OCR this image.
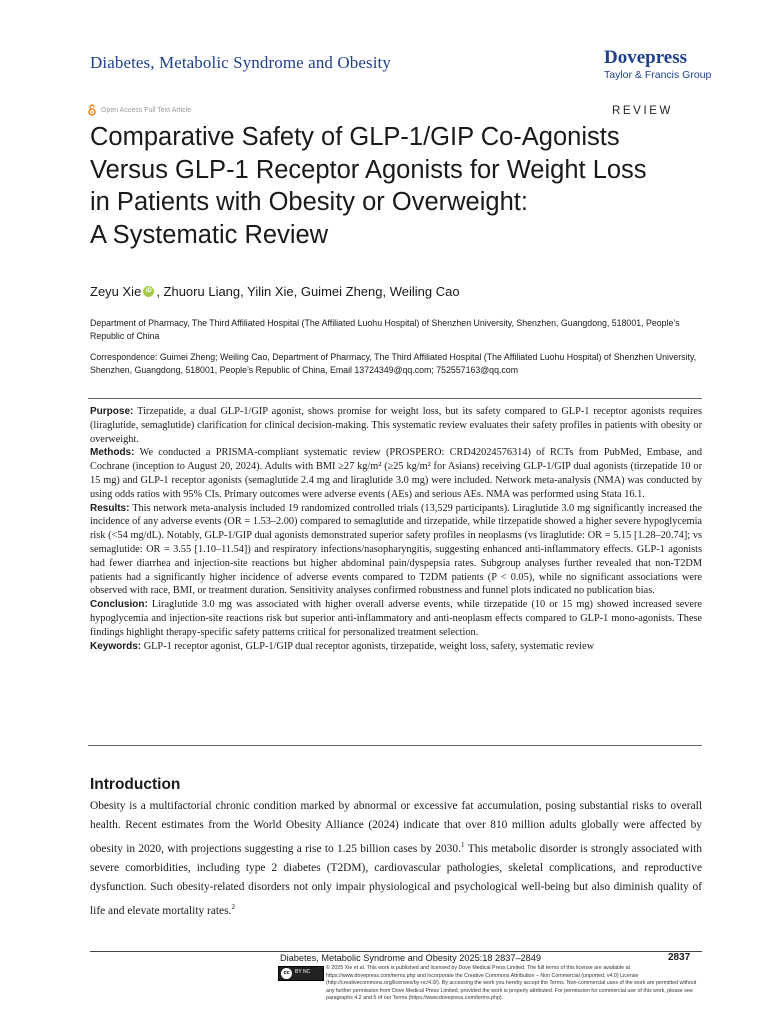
Diabetes, Metabolic Syndrome and Obesity	Dovepress
Taylor & Francis Group
Open Access Full Text Article	REVIEW
Comparative Safety of GLP-1/GIP Co-Agonists
Versus GLP-1 Receptor Agonists for Weight Loss
in Patients with Obesity or Overweight:
A Systematic Review
Zeyu Xie iD , Zhuoru Liang, Yilin Xie, Guimei Zheng, Weiling Cao
Department of Pharmacy, The Third Affiliated Hospital (The Affiliated Luohu Hospital) of Shenzhen University, Shenzhen, Guangdong, 518001, People’s Republic of China
Correspondence: Guimei Zheng; Weiling Cao, Department of Pharmacy, The Third Affiliated Hospital (The Affiliated Luohu Hospital) of Shenzhen University, Shenzhen, Guangdong, 518001, People’s Republic of China, Email 13724349@qq.com; 752557163@qq.com

Purpose: Tirzepatide, a dual GLP-1/GIP agonist, shows promise for weight loss, but its safety compared to GLP-1 receptor agonists requires (liraglutide, semaglutide) clarification for clinical decision-making. This systematic review evaluates their safety profiles in patients with obesity or overweight.

Methods: We conducted a PRISMA-compliant systematic review (PROSPERO: CRD42024576314) of RCTs from PubMed, Embase, and Cochrane (inception to August 20, 2024). Adults with BMI ≥27 kg/m² (≥25 kg/m² for Asians) receiving GLP-1/GIP dual agonists (tirzepatide 10 or 15 mg) and GLP-1 receptor agonists (semaglutide 2.4 mg and liraglutide 3.0 mg) were included. Network meta-analysis (NMA) was conducted by using odds ratios with 95% CIs. Primary outcomes were adverse events (AEs) and serious AEs. NMA was performed using Stata 16.1.

Results: This network meta-analysis included 19 randomized controlled trials (13,529 participants). Liraglutide 3.0 mg significantly increased the incidence of any adverse events (OR = 1.53–2.00) compared to semaglutide and tirzepatide, while tirzepatide showed a higher severe hypoglycemia risk (<54 mg/dL). Notably, GLP-1/GIP dual agonists demonstrated superior safety profiles in neoplasms (vs liraglutide: OR = 5.15 [1.28–20.74]; vs semaglutide: OR = 3.55 [1.10–11.54]) and respiratory infections/nasopharyngitis, suggesting enhanced anti-inflammatory effects. GLP-1 agonists had fewer diarrhea and injection-site reactions but higher abdominal pain/dyspepsia rates. Subgroup analyses further revealed that non-T2DM patients had a significantly higher incidence of adverse events compared to T2DM patients (P < 0.05), while no significant associations were observed with race, BMI, or treatment duration. Sensitivity analyses confirmed robustness and funnel plots indicated no publication bias.

Conclusion: Liraglutide 3.0 mg was associated with higher overall adverse events, while tirzepatide (10 or 15 mg) showed increased severe hypoglycemia and injection-site reactions risk but superior anti-inflammatory and anti-neoplasm effects compared to GLP-1 mono-agonists. These findings highlight therapy-specific safety patterns critical for personalized treatment selection.

Keywords: GLP-1 receptor agonist, GLP-1/GIP dual receptor agonists, tirzepatide, weight loss, safety, systematic review

Introduction
Obesity is a multifactorial chronic condition marked by abnormal or excessive fat accumulation, posing substantial risks to overall health. Recent estimates from the World Obesity Alliance (2024) indicate that over 810 million adults globally were affected by obesity in 2020, with projections suggesting a rise to 1.25 billion cases by 2030.$^1$ This metabolic disorder is strongly associated with severe comorbidities, including type 2 diabetes (T2DM), cardiovascular pathologies, skeletal complications, and reproductive dysfunction. Such obesity-related disorders not only impair physiological and psychological well-being but also diminish quality of life and elevate mortality rates.$^2$
Diabetes, Metabolic Syndrome and Obesity 2025:18 2837–2849	2837
cc	BY NC
© 2025 Xie et al. This work is published and licensed by Dove Medical Press Limited. The full terms of this license are available at https://www.dovepress.com/terms.php and incorporate the Creative Commons Attribution – Non Commercial (unported, v4.0) License (http://creativecommons.org/licenses/by-nc/4.0/). By accessing the work you hereby accept the Terms. Non-commercial uses of the work are permitted without any further permission from Dove Medical Press Limited, provided the work is properly attributed. For permission for commercial use of this work, please see paragraphs 4.2 and 5 of our Terms (https://www.dovepress.com/terms.php).
